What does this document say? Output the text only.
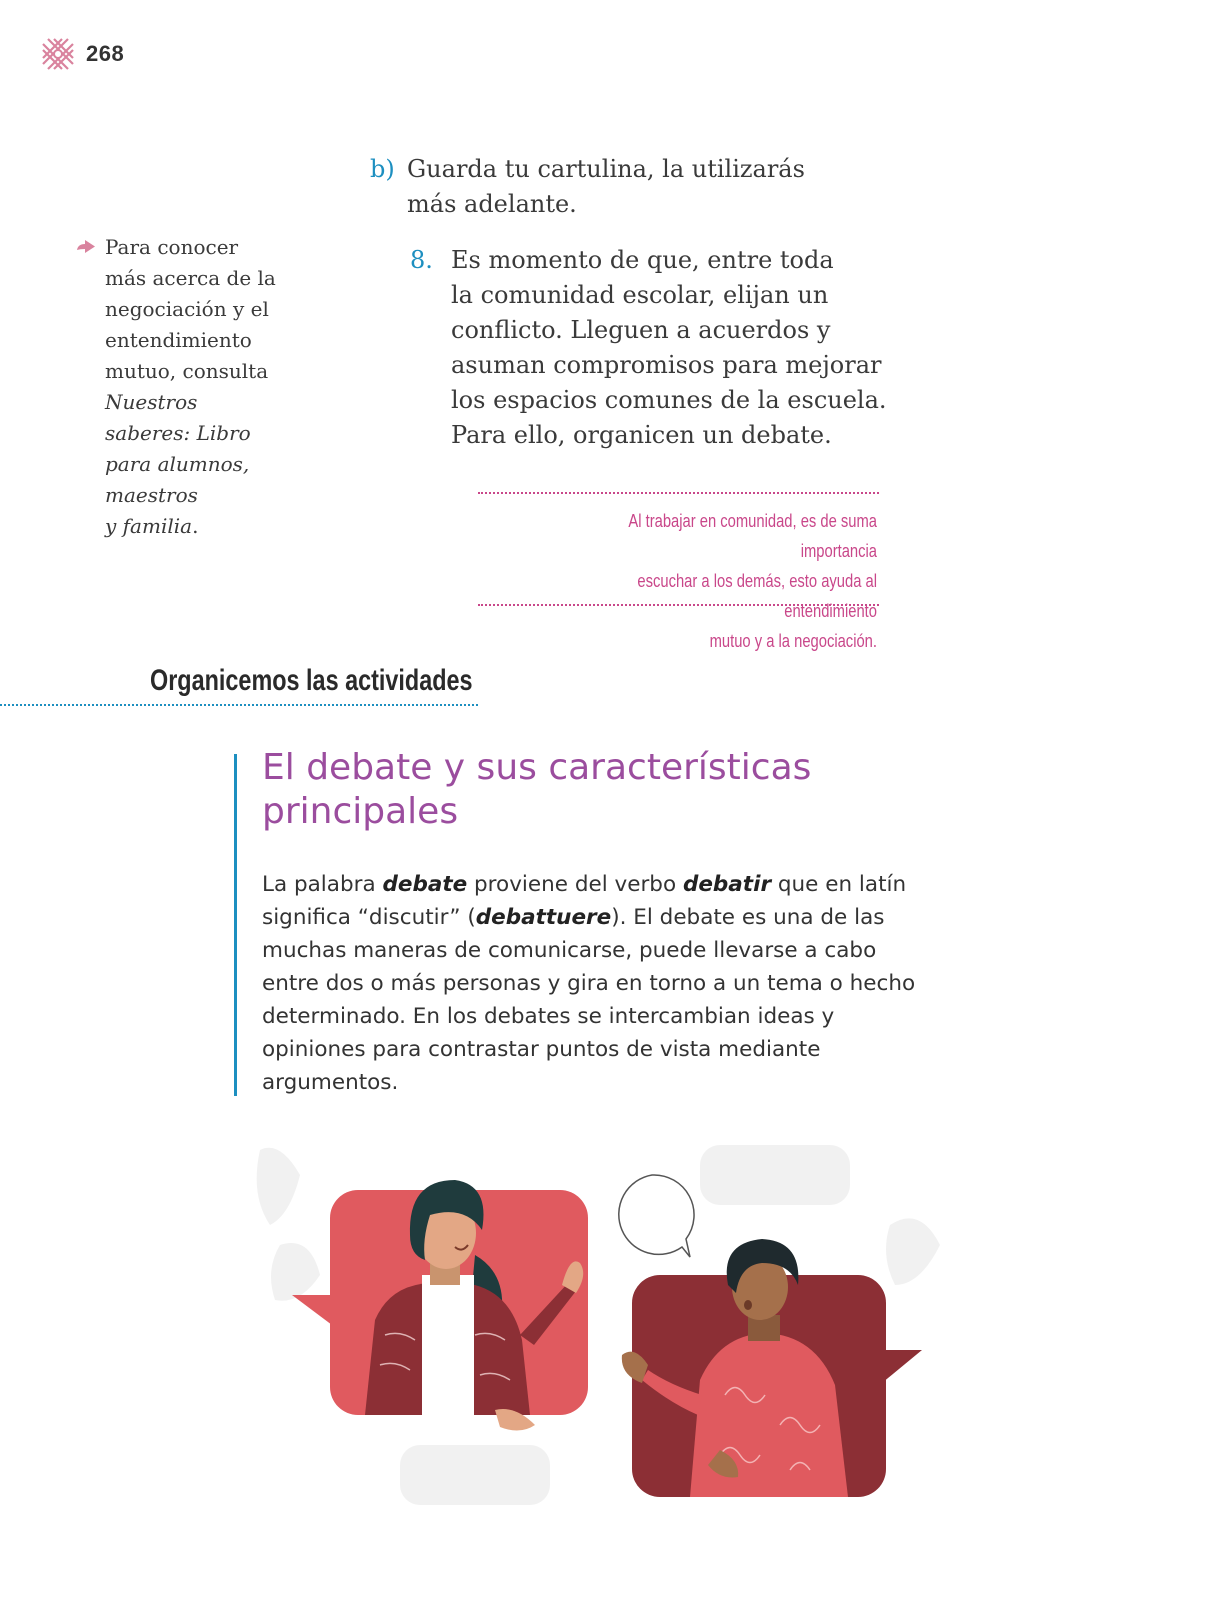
268
b) Guarda tu cartulina, la utilizarás
más adelante.
Para conocer
más acerca de la
negociación y el
entendimiento
mutuo, consulta
Nuestros
saberes: Libro
para alumnos,
maestros
y familia.
8. Es momento de que, entre toda
la comunidad escolar, elijan un
conflicto. Lleguen a acuerdos y
asuman compromisos para mejorar
los espacios comunes de la escuela.
Para ello, organicen un debate.
Al trabajar en comunidad, es de suma importancia
escuchar a los demás, esto ayuda al entendimiento
mutuo y a la negociación.
Organicemos las actividades
El debate y sus características
principales

La palabra debate proviene del verbo debatir que en latín significa “discutir” (debattuere). El debate es una de las muchas maneras de comunicarse, puede llevarse a cabo entre dos o más personas y gira en torno a un tema o hecho determinado. En los debates se intercambian ideas y opiniones para contrastar puntos de vista mediante argumentos.
